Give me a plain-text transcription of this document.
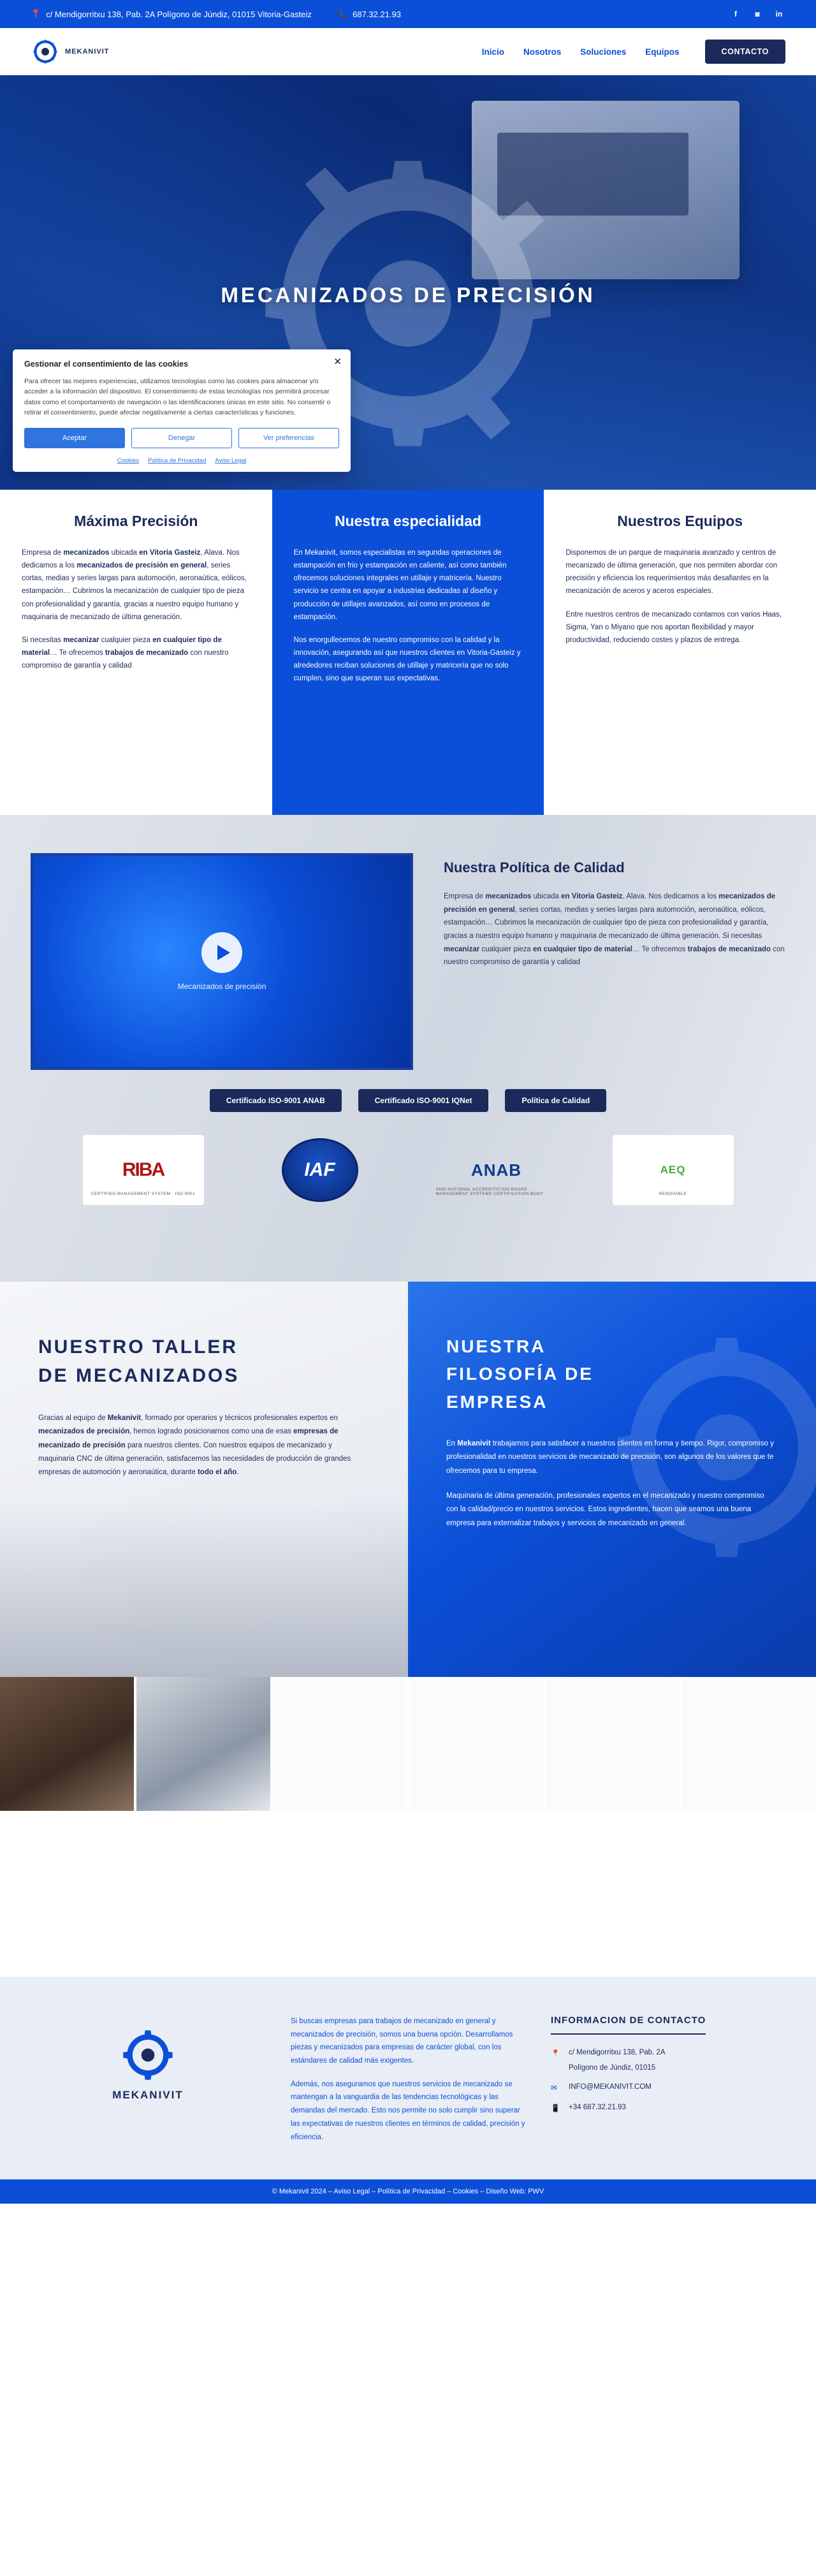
📍 c/ Mendigorritxu 138, Pab. 2A Polígono de Júndiz, 01015 Vitoria-Gasteiz	📞 687.32.21.93	f	◙	in
MEKANIVIT	Inicio Nosotros Soluciones Equipos	CONTACTO
MECANIZADOS DE PRECISIÓN
✕
Gestionar el consentimiento de las cookies

Para ofrecer las mejores experiencias, utilizamos tecnologías como las cookies para almacenar y/o acceder a la información del dispositivo. El consentimiento de estas tecnologías nos permitirá procesar datos como el comportamiento de navegación o las identificaciones únicas en este sitio. No consentir o retirar el consentimiento, puede afectar negativamente a ciertas características y funciones.

Aceptar	Denegar	Ver preferencias
Cookies Política de Privacidad Aviso Legal
Máxima Precisión

Empresa de mecanizados ubicada en Vitoria Gasteiz, Alava. Nos dedicamos a los mecanizados de precisión en general, series cortas, medias y series largas para automoción, aeronaútica, eólicos, estampación… Cubrimos la mecanización de cualquier tipo de pieza con profesionalidad y garantía, gracias a nuestro equipo humano y maquinaria de mecanizado de última generación.

Si necesitas mecanizar cualquier pieza en cualquier tipo de material… Te ofrecemos trabajos de mecanizado con nuestro compromiso de garantía y calidad

Nuestra especialidad

En Mekanivit, somos especialistas en segundas operaciones de estampación en frio y estampación en caliente, así como también ofrecemos soluciones integrales en utillaje y matricería. Nuestro servicio se centra en apoyar a industrias dedicadas al diseño y producción de utillajes avanzados, así como en procesos de estampación.

Nos enorgullecemos de nuestro compromiso con la calidad y la innovación, asegurando así que nuestros clientes en Vitoria-Gasteiz y alrededores reciban soluciones de utillaje y matricería que no solo cumplen, sino que superan sus expectativas.

Nuestros Equipos

Disponemos de un parque de maquinaria avanzado y centros de mecanizado de última generación, que nos permiten abordar con precisión y eficiencia los requerimientos más desafiantes en la mecanización de aceros y aceros especiales.

Entre nuestros centros de mecanizado contamos con varios Haas, Sigma, Yan o Miyano que nos aportan flexibilidad y mayor productividad, reduciendo costes y plazos de entrega.

Mecanizados de precisión
Nuestra Política de Calidad

Empresa de mecanizados ubicada en Vitoria Gasteiz, Alava. Nos dedicamos a los mecanizados de precisión en general, series cortas, medias y series largas para automoción, aeronaútica, eólicos, estampación… Cubrimos la mecanización de cualquier tipo de pieza con profesionalidad y garantía, gracias a nuestro equipo humano y maquinaria de mecanizado de última generación. Si necesitas mecanizar cualquier pieza en cualquier tipo de material… Te ofrecemos trabajos de mecanizado con nuestro compromiso de garantía y calidad

Certificado ISO-9001 ANAB	Certificado ISO-9001 IQNet	Política de Calidad
RIBA
CERTIFIED MANAGEMENT SYSTEM · ISO 9001
IAF	ANAB
ANSI NATIONAL ACCREDITATION BOARD · MANAGEMENT SYSTEMS CERTIFICATION BODY
AEQ
RENOVABLE
NUESTRO TALLER
DE MECANIZADOS

Gracias al equipo de Mekanivit, formado por operarios y técnicos profesionales expertos en mecanizados de precisión, hemos logrado posicionarnos como una de esas empresas de mecanizado de precisión para nuestros clientes. Con nuestros equipos de mecanizado y maquinaria CNC de última generación, satisfacemos las necesidades de producción de grandes empresas de automoción y aeronaútica, durante todo el año.

NUESTRA
FILOSOFÍA DE
EMPRESA

En Mekanivit trabajamos para satisfacer a nuestros clientes en forma y tiempo. Rigor, compromiso y profesionalidad en nuestros servicios de mecanizado de precisión, son algunos de los valores que te ofrecemos para tu empresa.

Maquinaria de última generación, profesionales expertos en el mecanizado y nuestro compromiso con la calidad/precio en nuestros servicios. Estos ingredientes, hacen que seamos una buena empresa para externalizar trabajos y servicios de mecanizado en general.

MEKANIVIT

Si buscas empresas para trabajos de mecanizado en general y mecanizados de precisión, somos una buena opción. Desarrollamos piezas y mecanizados para empresas de carácter global, con los estándares de calidad más exigentes.

Además, nos aseguramos que nuestros servicios de mecanizado se mantengan a la vanguardia de las tendencias tecnológicas y las demandas del mercado. Esto nos permite no solo cumplir sino superar las expectativas de nuestros clientes en términos de calidad, precisión y eficiencia.

INFORMACION DE CONTACTO
📍 c/ Mendigorritxu 138, Pab. 2A

Polígono de Júndiz, 01015
✉	INFO@MEKANIVIT.COM
📱 +34 687.32.21.93
© Mekanivit 2024 – Aviso Legal – Política de Privacidad – Cookies – Diseño Web: PWV
